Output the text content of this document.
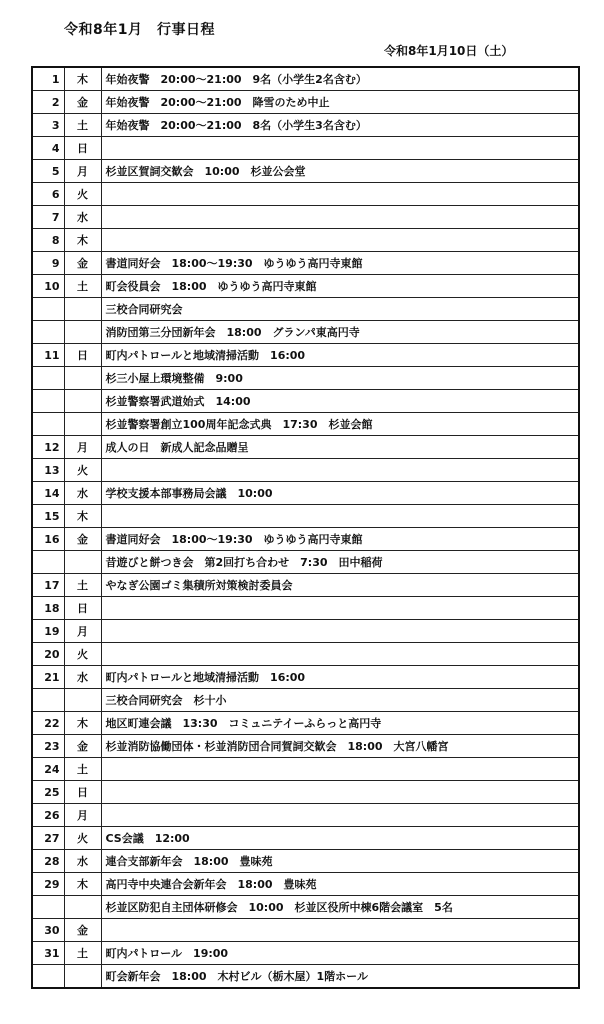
令和8年1月　行事日程
令和8年1月10日（土）
1	木	年始夜警　20:00〜21:00　9名（小学生2名含む）
2	金	年始夜警　20:00〜21:00　降雪のため中止
3	土	年始夜警　20:00〜21:00　8名（小学生3名含む）
4	日	
5	月	杉並区賀詞交歓会　10:00　杉並公会堂
6	火	
7	水	
8	木	
9	金	書道同好会　18:00〜19:30　ゆうゆう高円寺東館
10	土	町会役員会　18:00　ゆうゆう高円寺東館
		三校合同研究会
		消防団第三分団新年会　18:00　グランパ東高円寺
11	日	町内パトロールと地域清掃活動　16:00
		杉三小屋上環境整備　9:00
		杉並警察署武道始式　14:00
		杉並警察署創立100周年記念式典　17:30　杉並会館
12	月	成人の日　新成人記念品贈呈
13	火	
14	水	学校支援本部事務局会議　10:00
15	木	
16	金	書道同好会　18:00〜19:30　ゆうゆう高円寺東館
		昔遊びと餅つき会　第2回打ち合わせ　7:30　田中稲荷
17	土	やなぎ公園ゴミ集積所対策検討委員会
18	日	
19	月	
20	火	
21	水	町内パトロールと地域清掃活動　16:00
		三校合同研究会　杉十小
22	木	地区町連会議　13:30　コミュニテイーふらっと高円寺
23	金	杉並消防協働団体・杉並消防団合同賀詞交歓会　18:00　大宮八幡宮
24	土	
25	日	
26	月	
27	火	CS会議　12:00
28	水	連合支部新年会　18:00　豊味苑
29	木	高円寺中央連合会新年会　18:00　豊味苑
		杉並区防犯自主団体研修会　10:00　杉並区役所中棟6階会議室　5名
30	金	
31	土	町内パトロール　19:00
		町会新年会　18:00　木村ビル（栃木屋）1階ホール
